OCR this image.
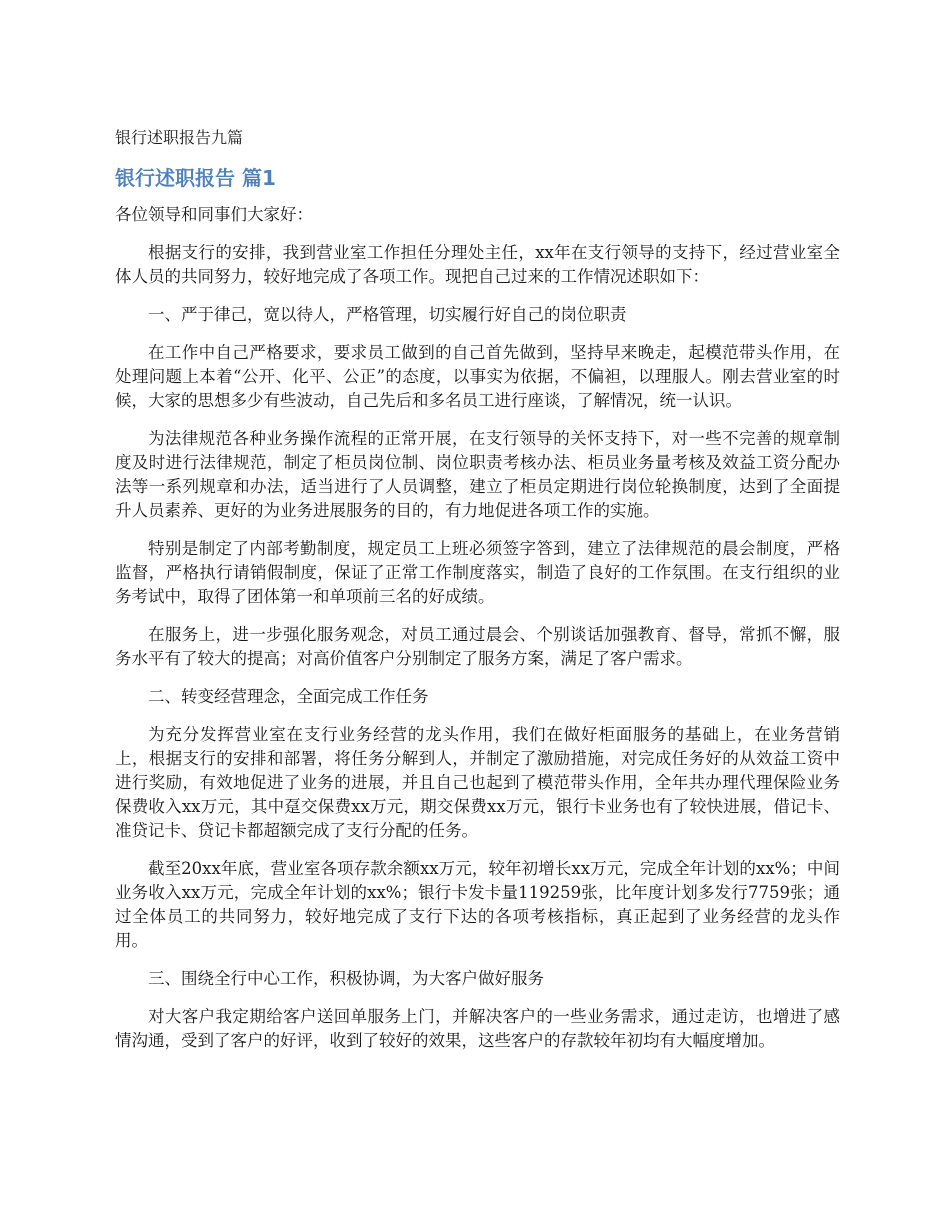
银行述职报告九篇

银行述职报告 篇1

各位领导和同事们大家好：

根据支行的安排，我到营业室工作担任分理处主任，xx年在支行领导的支持下，经过营业室全体人员的共同努力，较好地完成了各项工作。现把自己过来的工作情况述职如下：

一、严于律己，宽以待人，严格管理，切实履行好自己的岗位职责

在工作中自己严格要求，要求员工做到的自己首先做到，坚持早来晚走，起模范带头作用，在处理问题上本着“公开、化平、公正”的态度，以事实为依据，不偏袒，以理服人。刚去营业室的时候，大家的思想多少有些波动，自己先后和多名员工进行座谈，了解情况，统一认识。

为法律规范各种业务操作流程的正常开展，在支行领导的关怀支持下，对一些不完善的规章制度及时进行法律规范，制定了柜员岗位制、岗位职责考核办法、柜员业务量考核及效益工资分配办法等一系列规章和办法，适当进行了人员调整，建立了柜员定期进行岗位轮换制度，达到了全面提升人员素养、更好的为业务进展服务的目的，有力地促进各项工作的实施。

特别是制定了内部考勤制度，规定员工上班必须签字答到，建立了法律规范的晨会制度，严格监督，严格执行请销假制度，保证了正常工作制度落实，制造了良好的工作氛围。在支行组织的业务考试中，取得了团体第一和单项前三名的好成绩。

在服务上，进一步强化服务观念，对员工通过晨会、个别谈话加强教育、督导，常抓不懈，服务水平有了较大的提高；对高价值客户分别制定了服务方案，满足了客户需求。

二、转变经营理念，全面完成工作任务

为充分发挥营业室在支行业务经营的龙头作用，我们在做好柜面服务的基础上，在业务营销上，根据支行的安排和部署，将任务分解到人，并制定了激励措施，对完成任务好的从效益工资中进行奖励，有效地促进了业务的进展，并且自己也起到了模范带头作用，全年共办理代理保险业务保费收入xx万元，其中趸交保费xx万元，期交保费xx万元，银行卡业务也有了较快进展，借记卡、准贷记卡、贷记卡都超额完成了支行分配的任务。

截至20xx年底，营业室各项存款余额xx万元，较年初增长xx万元，完成全年计划的xx%；中间业务收入xx万元，完成全年计划的xx%；银行卡发卡量119259张，比年度计划多发行7759张；通过全体员工的共同努力，较好地完成了支行下达的各项考核指标，真正起到了业务经营的龙头作用。

三、围绕全行中心工作，积极协调，为大客户做好服务

对大客户我定期给客户送回单服务上门，并解决客户的一些业务需求，通过走访，也增进了感情沟通，受到了客户的好评，收到了较好的效果，这些客户的存款较年初均有大幅度增加。
